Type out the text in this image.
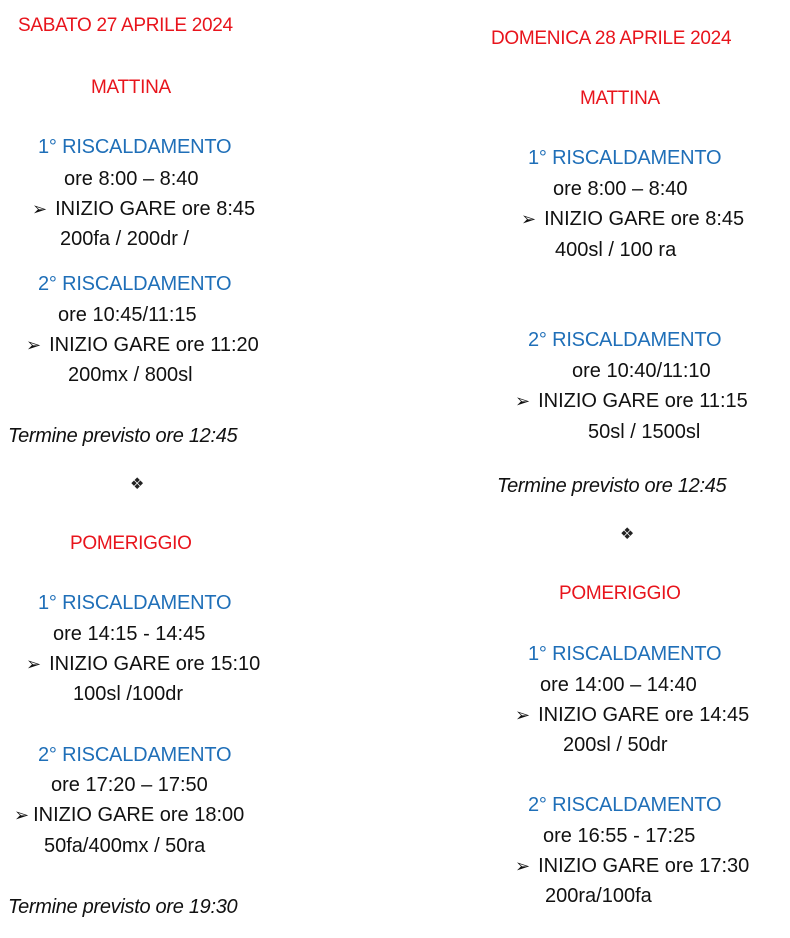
SABATO 27 APRILE 2024
MATTINA
1° RISCALDAMENTO
ore 8:00 – 8:40
➢ INIZIO GARE ore 8:45
200fa / 200dr /
2° RISCALDAMENTO
ore 10:45/11:15
➢ INIZIO GARE ore 11:20
200mx / 800sl
Termine previsto ore 12:45
❖
POMERIGGIO
1° RISCALDAMENTO
ore 14:15 - 14:45
➢ INIZIO GARE ore 15:10
100sl /100dr
2° RISCALDAMENTO
ore 17:20 – 17:50
➢ INIZIO GARE ore 18:00
50fa/400mx / 50ra
Termine previsto ore 19:30
DOMENICA 28 APRILE 2024
MATTINA
1° RISCALDAMENTO
ore 8:00 – 8:40
➢ INIZIO GARE ore 8:45
400sl / 100 ra
2° RISCALDAMENTO
ore 10:40/11:10
➢ INIZIO GARE ore 11:15
50sl / 1500sl
Termine previsto ore 12:45
❖
POMERIGGIO
1° RISCALDAMENTO
ore 14:00 – 14:40
➢ INIZIO GARE ore 14:45
200sl / 50dr
2° RISCALDAMENTO
ore 16:55 - 17:25
➢ INIZIO GARE ore 17:30
200ra/100fa
